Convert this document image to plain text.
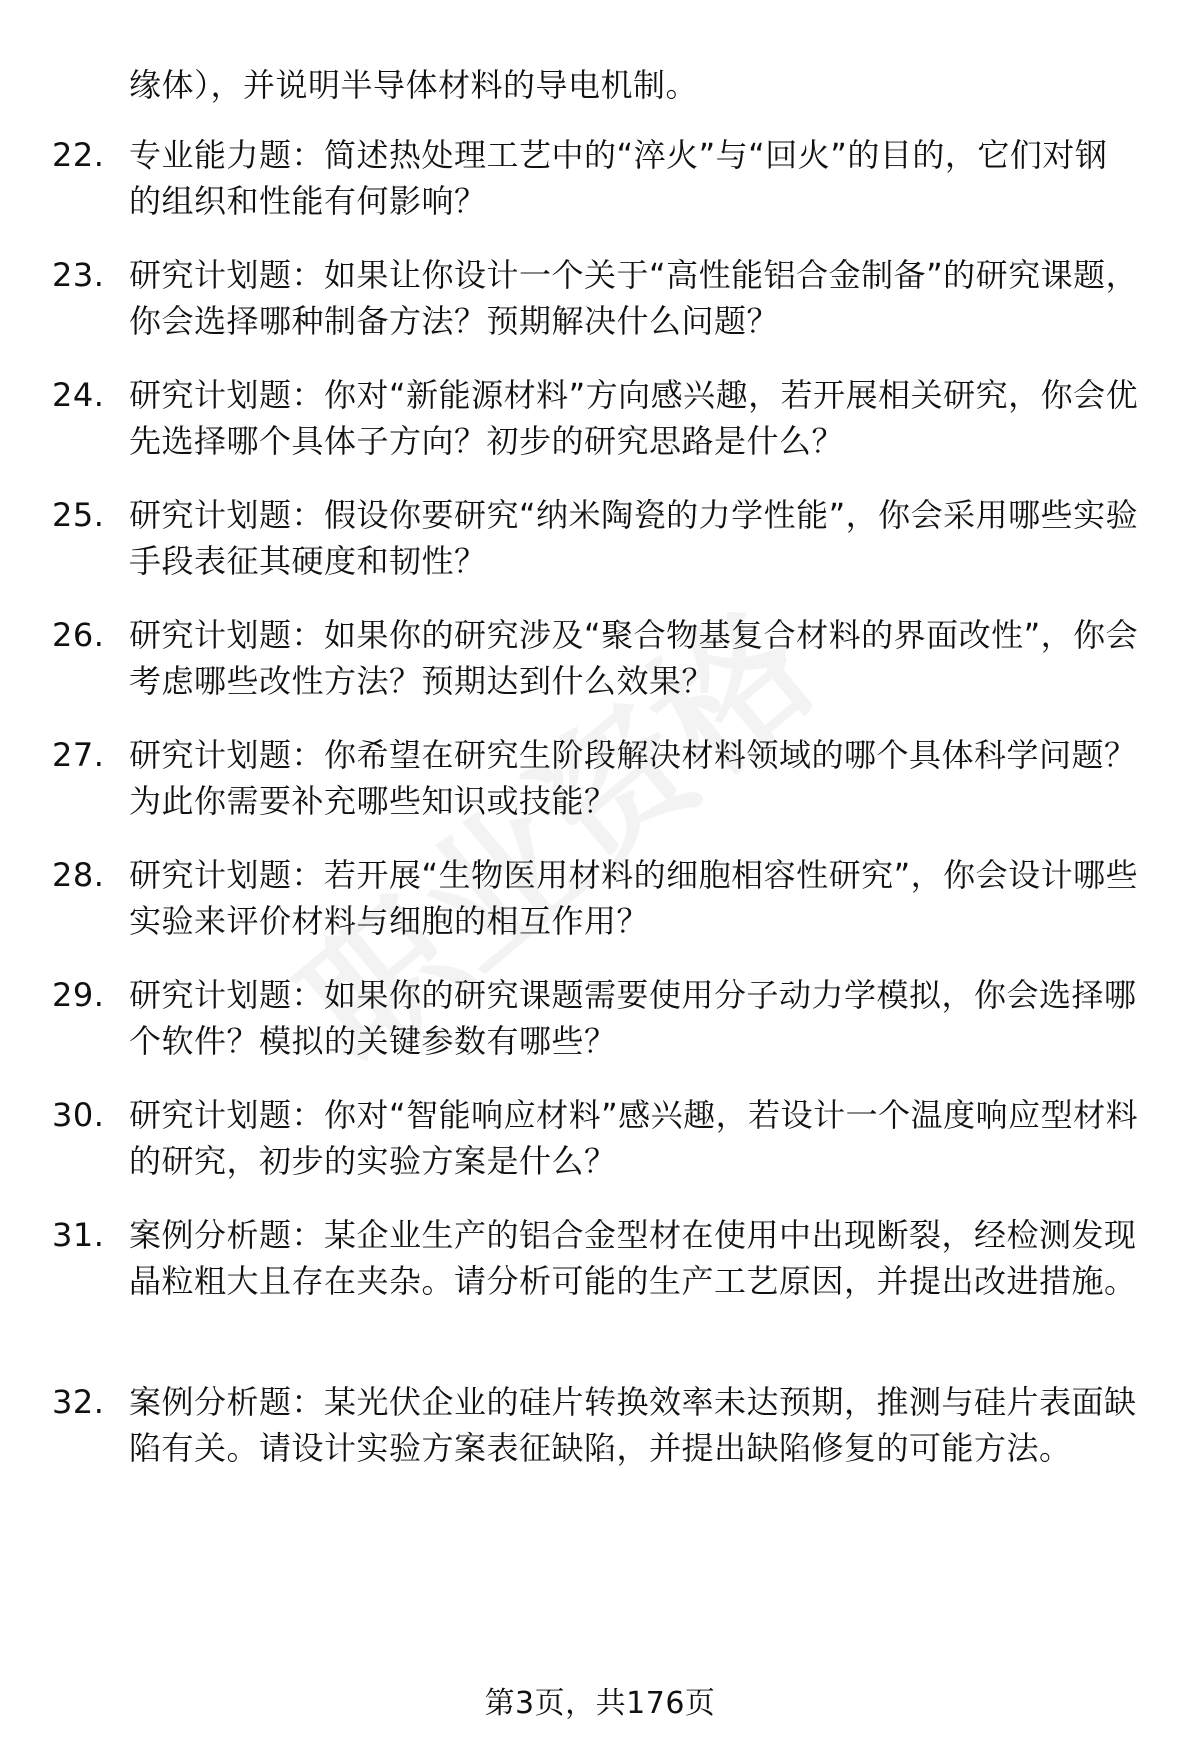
缘体），并说明半导体材料的导电机制。
22. 专业能力题：简述热处理工艺中的“淬火”与“回火”的目的，它们对钢的组织和性能有何影响？
23. 研究计划题：如果让你设计一个关于“高性能铝合金制备”的研究课题，你会选择哪种制备方法？预期解决什么问题？
24. 研究计划题：你对“新能源材料”方向感兴趣，若开展相关研究，你会优先选择哪个具体子方向？初步的研究思路是什么？
25. 研究计划题：假设你要研究“纳米陶瓷的力学性能”，你会采用哪些实验手段表征其硬度和韧性？
26. 研究计划题：如果你的研究涉及“聚合物基复合材料的界面改性”，你会考虑哪些改性方法？预期达到什么效果？
27. 研究计划题：你希望在研究生阶段解决材料领域的哪个具体科学问题？为此你需要补充哪些知识或技能？
28. 研究计划题：若开展“生物医用材料的细胞相容性研究”，你会设计哪些实验来评价材料与细胞的相互作用？
29. 研究计划题：如果你的研究课题需要使用分子动力学模拟，你会选择哪个软件？模拟的关键参数有哪些？
30. 研究计划题：你对“智能响应材料”感兴趣，若设计一个温度响应型材料的研究，初步的实验方案是什么？
31. 案例分析题：某企业生产的铝合金型材在使用中出现断裂，经检测发现晶粒粗大且存在夹杂。请分析可能的生产工艺原因，并提出改进措施。
32. 案例分析题：某光伏企业的硅片转换效率未达预期，推测与硅片表面缺陷有关。请设计实验方案表征缺陷，并提出缺陷修复的可能方法。
第3页，共176页
